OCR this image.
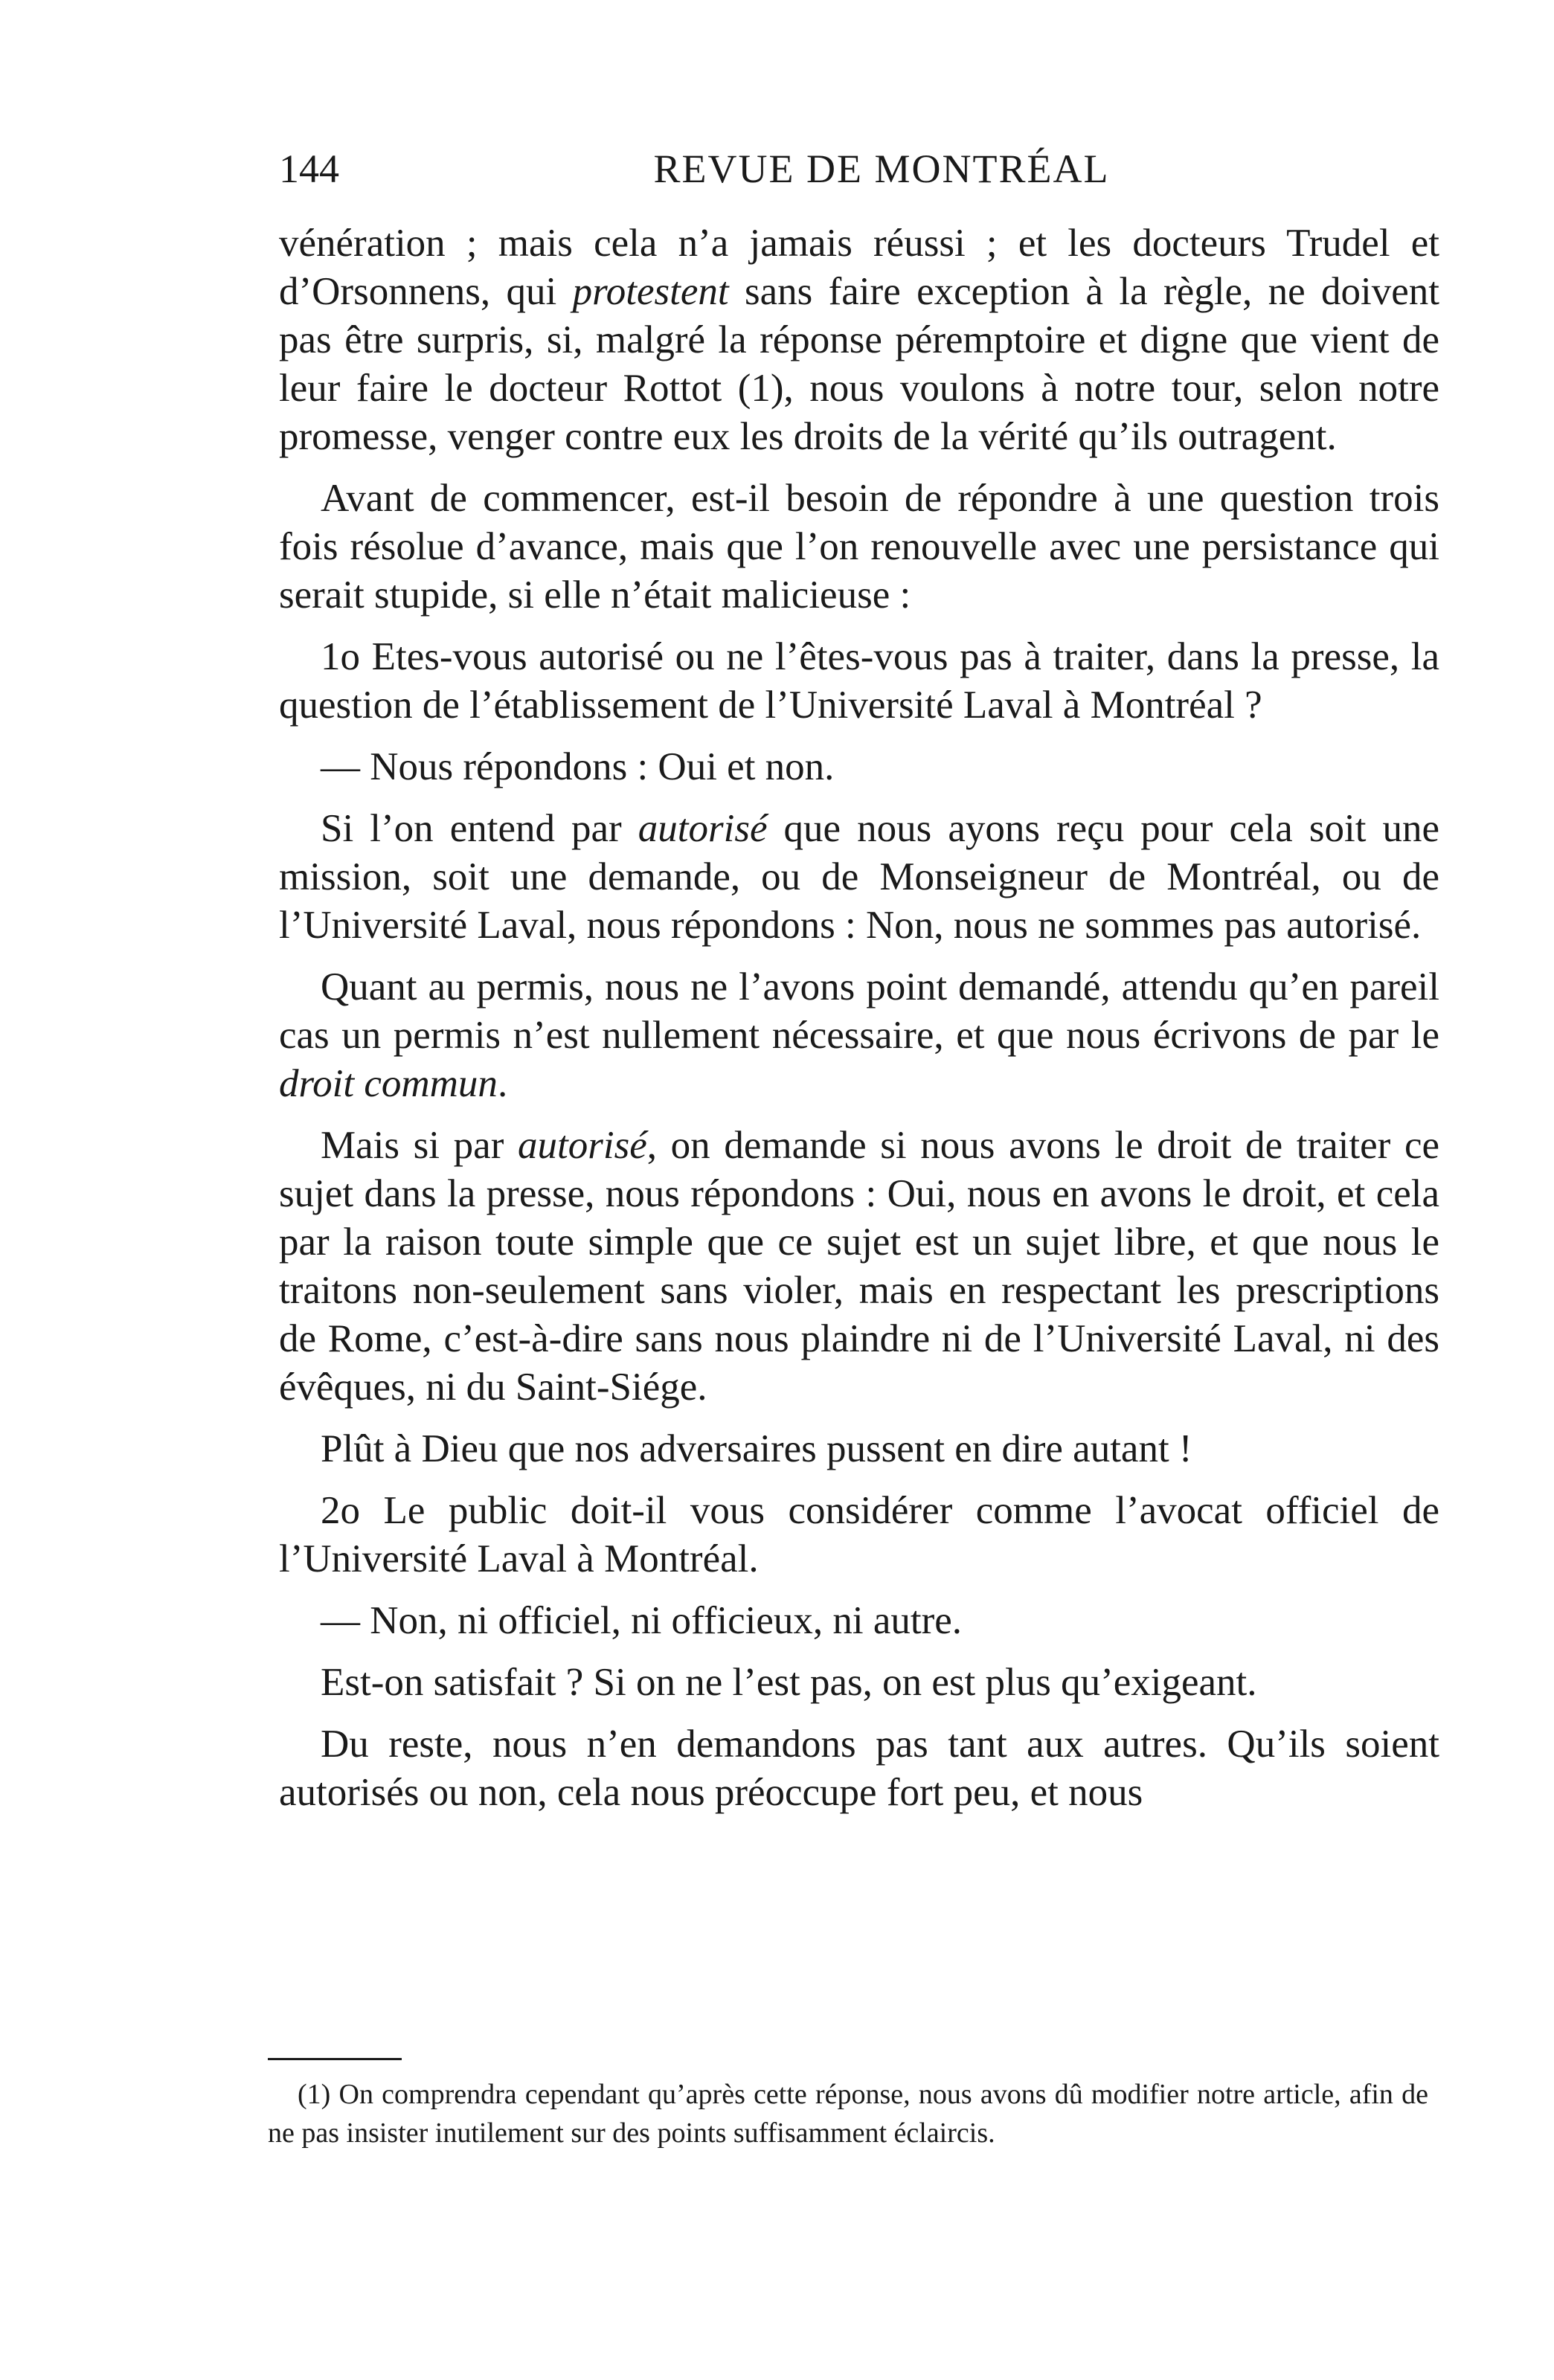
144	REVUE DE MONTRÉAL

vénération ; mais cela n’a jamais réussi ; et les docteurs Trudel et d’Orsonnens, qui protestent sans faire exception à la règle, ne doivent pas être surpris, si, malgré la réponse péremptoire et digne que vient de leur faire le docteur Rottot (1), nous voulons à notre tour, selon notre promesse, venger contre eux les droits de la vérité qu’ils outragent.

Avant de commencer, est-il besoin de répondre à une question trois fois résolue d’avance, mais que l’on renouvelle avec une persistance qui serait stupide, si elle n’était malicieuse :

1o Etes-vous autorisé ou ne l’êtes-vous pas à traiter, dans la presse, la question de l’établissement de l’Université Laval à Montréal ?

— Nous répondons : Oui et non.

Si l’on entend par autorisé que nous ayons reçu pour cela soit une mission, soit une demande, ou de Monseigneur de Montréal, ou de l’Université Laval, nous répondons : Non, nous ne sommes pas autorisé.

Quant au permis, nous ne l’avons point demandé, attendu qu’en pareil cas un permis n’est nullement nécessaire, et que nous écrivons de par le droit commun.

Mais si par autorisé, on demande si nous avons le droit de traiter ce sujet dans la presse, nous répondons : Oui, nous en avons le droit, et cela par la raison toute simple que ce sujet est un sujet libre, et que nous le traitons non-seulement sans violer, mais en respectant les prescriptions de Rome, c’est-à-dire sans nous plaindre ni de l’Université Laval, ni des évêques, ni du Saint-Siége.

Plût à Dieu que nos adversaires pussent en dire autant !

2o Le public doit-il vous considérer comme l’avocat officiel de l’Université Laval à Montréal.

— Non, ni officiel, ni officieux, ni autre.

Est-on satisfait ? Si on ne l’est pas, on est plus qu’exigeant.

Du reste, nous n’en demandons pas tant aux autres. Qu’ils soient autorisés ou non, cela nous préoccupe fort peu, et nous

(1) On comprendra cependant qu’après cette réponse, nous avons dû modifier notre article, afin de ne pas insister inutilement sur des points suffisamment éclaircis.
